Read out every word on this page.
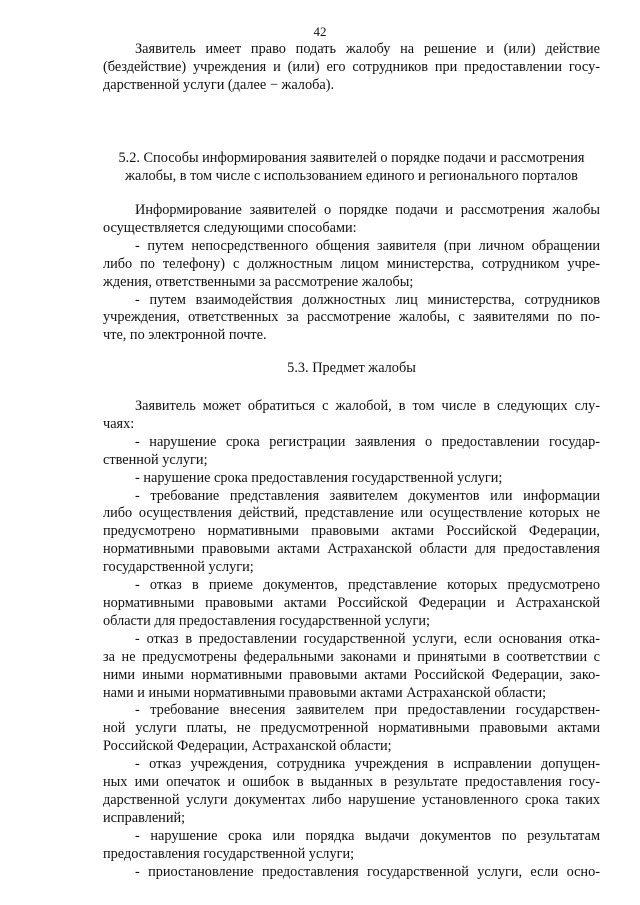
42
Заявитель имеет право подать жалобу на решение и (или) действие
(бездействие) учреждения и (или) его сотрудников при предоставлении госу-
дарственной услуги (далее − жалоба).
5.2. Способы информирования заявителей о порядке подачи и рассмотрения
жалобы, в том числе с использованием единого и регионального порталов
Информирование заявителей о порядке подачи и рассмотрения жалобы
осуществляется следующими способами:
- путем непосредственного общения заявителя (при личном обращении
либо по телефону) с должностным лицом министерства, сотрудником учре-
ждения, ответственными за рассмотрение жалобы;
- путем взаимодействия должностных лиц министерства, сотрудников
учреждения, ответственных за рассмотрение жалобы, с заявителями по по-
чте, по электронной почте.
5.3. Предмет жалобы
Заявитель может обратиться с жалобой, в том числе в следующих слу-
чаях:
- нарушение срока регистрации заявления о предоставлении государ-
ственной услуги;
- нарушение срока предоставления государственной услуги;
- требование представления заявителем документов или информации
либо осуществления действий, представление или осуществление которых не
предусмотрено нормативными правовыми актами Российской Федерации,
нормативными правовыми актами Астраханской области для предоставления
государственной услуги;
- отказ в приеме документов, представление которых предусмотрено
нормативными правовыми актами Российской Федерации и Астраханской
области для предоставления государственной услуги;
- отказ в предоставлении государственной услуги, если основания отка-
за не предусмотрены федеральными законами и принятыми в соответствии с
ними иными нормативными правовыми актами Российской Федерации, зако-
нами и иными нормативными правовыми актами Астраханской области;
- требование внесения заявителем при предоставлении государствен-
ной услуги платы, не предусмотренной нормативными правовыми актами
Российской Федерации, Астраханской области;
- отказ учреждения, сотрудника учреждения в исправлении допущен-
ных ими опечаток и ошибок в выданных в результате предоставления госу-
дарственной услуги документах либо нарушение установленного срока таких
исправлений;
- нарушение срока или порядка выдачи документов по результатам
предоставления государственной услуги;
- приостановление предоставления государственной услуги, если осно-
